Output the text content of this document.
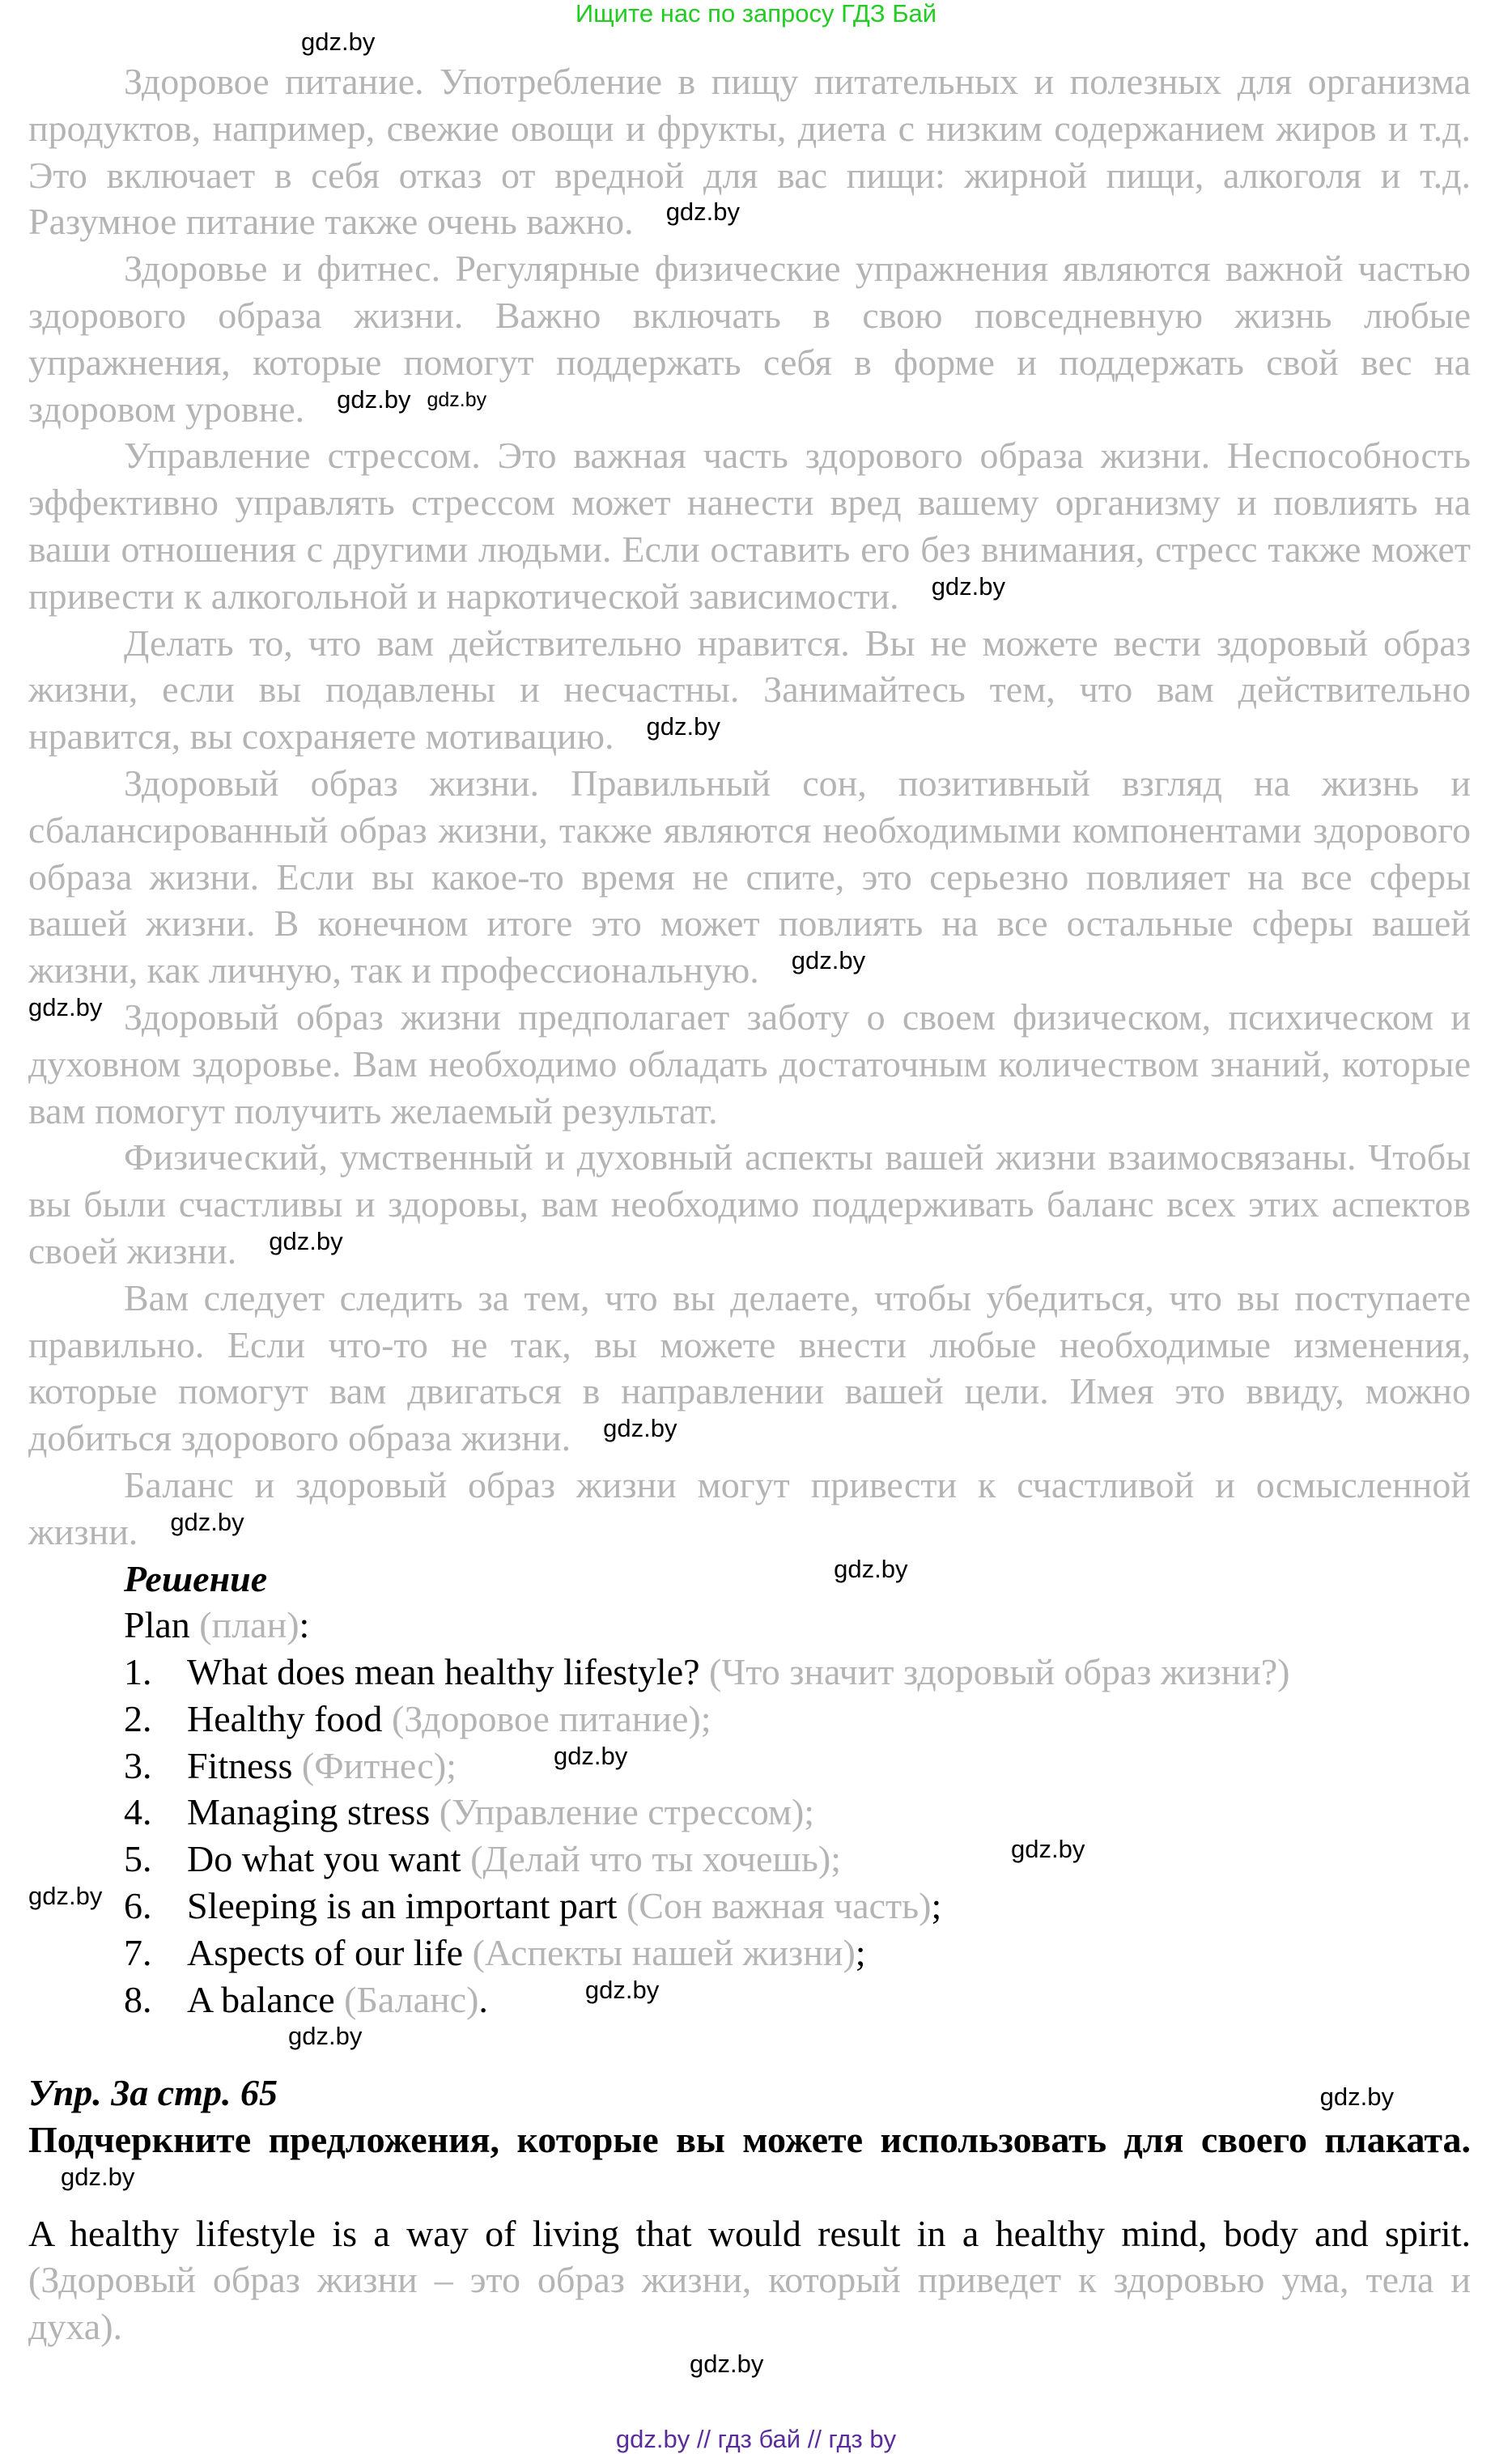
Ищите нас по запросу ГДЗ Бай
gdz.by

Здоровое питание. Употребление в пищу питательных и полезных для организма продуктов, например, свежие овощи и фрукты, диета с низким содержанием жиров и т.д. Это включает в себя отказ от вредной для вас пищи: жирной пищи, алкоголя и т.д. Разумное питание также очень важно. gdz.by

Здоровье и фитнес. Регулярные физические упражнения являются важной частью здорового образа жизни. Важно включать в свою повседневную жизнь любые упражнения, которые помогут поддержать себя в форме и поддержать свой вес на здоровом уровне. gdz.by gdz.by

Управление стрессом. Это важная часть здорового образа жизни. Неспособность эффективно управлять стрессом может нанести вред вашему организму и повлиять на ваши отношения с другими людьми. Если оставить его без внимания, стресс также может привести к алкогольной и наркотической зависимости. gdz.by

Делать то, что вам действительно нравится. Вы не можете вести здоровый образ жизни, если вы подавлены и несчастны. Занимайтесь тем, что вам действительно нравится, вы сохраняете мотивацию. gdz.by

Здоровый образ жизни. Правильный сон, позитивный взгляд на жизнь и сбалансированный образ жизни, также являются необходимыми компонентами здорового образа жизни. Если вы какое-то время не спите, это серьезно повлияет на все сферы вашей жизни. В конечном итоге это может повлиять на все остальные сферы вашей жизни, как личную, так и профессиональную. gdz.by

gdz.by Здоровый образ жизни предполагает заботу о своем физическом, психическом и духовном здоровье. Вам необходимо обладать достаточным количеством знаний, которые вам помогут получить желаемый результат.

Физический, умственный и духовный аспекты вашей жизни взаимосвязаны. Чтобы вы были счастливы и здоровы, вам необходимо поддерживать баланс всех этих аспектов своей жизни. gdz.by

Вам следует следить за тем, что вы делаете, чтобы убедиться, что вы поступаете правильно. Если что-то не так, вы можете внести любые необходимые изменения, которые помогут вам двигаться в направлении вашей цели. Имея это ввиду, можно добиться здорового образа жизни. gdz.by

Баланс и здоровый образ жизни могут привести к счастливой и осмысленной жизни. gdz.by

Решение	gdz.by
Plan (план):
1. What does mean healthy lifestyle? (Что значит здоровый образ жизни?)
2. Healthy food (Здоровое питание);
3. Fitness (Фитнес);	gdz.by
4. Managing stress (Управление стрессом);
5. Do what you want (Делай что ты хочешь);	gdz.by
gdz.by 6. Sleeping is an important part (Сон важная часть);
7. Aspects of our life (Аспекты нашей жизни);
8. A balance (Баланс).	gdz.by
gdz.by
Упр. 3а стр. 65	gdz.by

Подчеркните предложения, которые вы можете использовать для своего плаката.gdz.by

A healthy lifestyle is a way of living that would result in a healthy mind, body and spirit. (Здоровый образ жизни – это образ жизни, который приведет к здоровью ума, тела и духа).

gdz.by
gdz.by // гдз бай // гдз by
